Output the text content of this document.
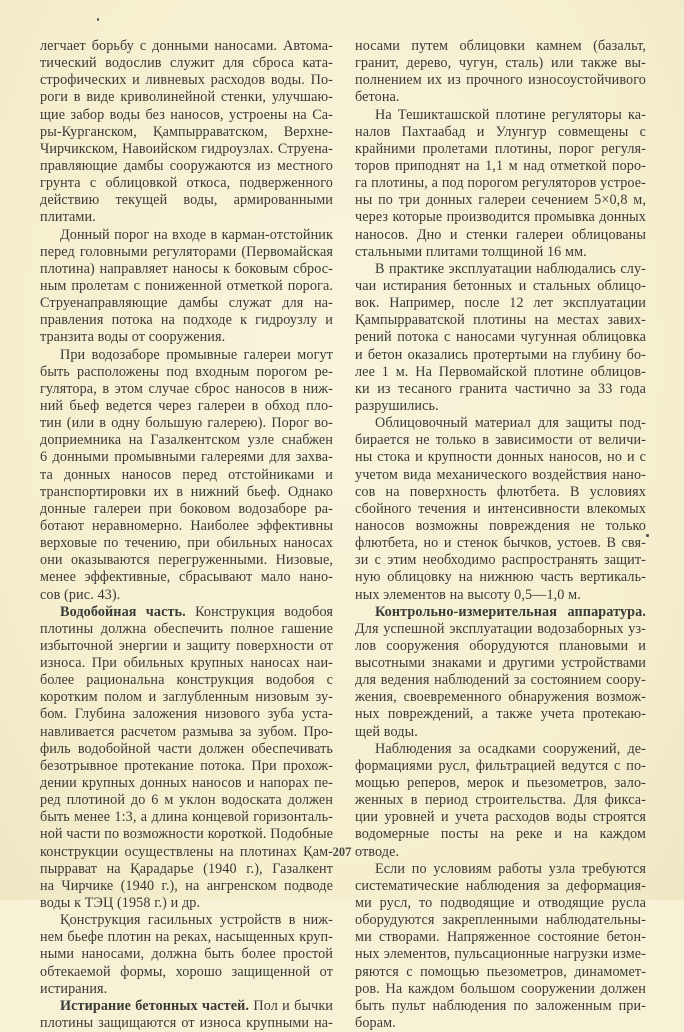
легчает борьбу с донными наносами. Автома-
тический водослив служит для сброса ката-
строфических и ливневых расходов воды. По-
роги в виде криволинейной стенки, улучшаю-
щие забор воды без наносов, устроены на Са-
ры-Курганском, Қампырраватском, Верхне-
Чирчикском, Навоийском гидроузлах. Струена-
правляющие дамбы сооружаются из местного
грунта с облицовкой откоса, подверженного
действию текущей воды, армированными
плитами.
Донный порог на входе в карман-отстойник
перед головными регуляторами (Первомайская
плотина) направляет наносы к боковым сброс-
ным пролетам с пониженной отметкой порога.
Струенаправляющие дамбы служат для на-
правления потока на подходе к гидроузлу и
транзита воды от сооружения.
При водозаборе промывные галереи могут
быть расположены под входным порогом ре-
гулятора, в этом случае сброс наносов в ниж-
ний бьеф ведется через галереи в обход пло-
тин (или в одну большую галерею). Порог во-
доприемника на Газалкентском узле снабжен
6 донными промывными галереями для захва-
та донных наносов перед отстойниками и
транспортировки их в нижний бьеф. Однако
донные галереи при боковом водозаборе ра-
ботают неравномерно. Наиболее эффективны
верховые по течению, при обильных наносах
они оказываются перегруженными. Низовые,
менее эффективные, сбрасывают мало нано-
сов (рис. 43).
Водобойная часть. Конструкция водобоя
плотины должна обеспечить полное гашение
избыточной энергии и защиту поверхности от
износа. При обильных крупных наносах наи-
более рациональна конструкция водобоя с
коротким полом и заглубленным низовым зу-
бом. Глубина заложения низового зуба уста-
навливается расчетом размыва за зубом. Про-
филь водобойной части должен обеспечивать
безотрывное протекание потока. При прохож-
дении крупных донных наносов и напорах пе-
ред плотиной до 6 м уклон водоската должен
быть менее 1:3, а длина концевой горизонталь-
ной части по возможности короткой. Подобные
конструкции осуществлены на плотинах Қам-
пыррават на Қарадарье (1940 г.), Газалкент
на Чирчике (1940 г.), на ангренском подводе
воды к ТЭЦ (1958 г.) и др.
Қонструкция гасильных устройств в ниж-
нем бьефе плотин на реках, насыщенных круп-
ными наносами, должна быть более простой
обтекаемой формы, хорошо защищенной от
истирания.
Истирание бетонных частей. Пол и бычки
плотины защищаются от износа крупными на-
носами путем облицовки камнем (базальт,
гранит, дерево, чугун, сталь) или также вы-
полнением их из прочного износоустойчивого
бетона.
На Тешикташской плотине регуляторы ка-
налов Пахтаабад и Улунгур совмещены с
крайними пролетами плотины, порог регуля-
торов приподнят на 1,1 м над отметкой поро-
га плотины, а под порогом регуляторов устрое-
ны по три донных галереи сечением 5×0,8 м,
через которые производится промывка донных
наносов. Дно и стенки галереи облицованы
стальными плитами толщиной 16 мм.
В практике эксплуатации наблюдались слу-
чаи истирания бетонных и стальных облицо-
вок. Например, после 12 лет эксплуатации
Қампырраватской плотины на местах завих-
рений потока с наносами чугунная облицовка
и бетон оказались протертыми на глубину бо-
лее 1 м. На Первомайской плотине облицов-
ки из тесаного гранита частично за 33 года
разрушились.
Облицовочный материал для защиты под-
бирается не только в зависимости от величи-
ны стока и крупности донных наносов, но и с
учетом вида механического воздействия нано-
сов на поверхность флютбета. В условиях
сбойного течения и интенсивности влекомых
наносов возможны повреждения не только
флютбета, но и стенок бычков, устоев. В свя-
зи с этим необходимо распространять защит-
ную облицовку на нижнюю часть вертикаль-
ных элементов на высоту 0,5—1,0 м.
Контрольно-измерительная аппаратура.
Для успешной эксплуатации водозаборных уз-
лов сооружения оборудуются плановыми и
высотными знаками и другими устройствами
для ведения наблюдений за состоянием соору-
жения, своевременного обнаружения возмож-
ных повреждений, а также учета протекаю-
щей воды.
Наблюдения за осадками сооружений, де-
формациями русл, фильтрацией ведутся с по-
мощью реперов, мерок и пьезометров, зало-
женных в период строительства. Для фикса-
ции уровней и учета расходов воды строятся
водомерные посты на реке и на каждом
отводе.
Если по условиям работы узла требуются
систематические наблюдения за деформация-
ми русл, то подводящие и отводящие русла
оборудуются закрепленными наблюдательны-
ми створами. Напряженное состояние бетон-
ных элементов, пульсационные нагрузки изме-
ряются с помощью пьезометров, динамомет-
ров. На каждом большом сооружении должен
быть пульт наблюдения по заложенным при-
борам.
207
